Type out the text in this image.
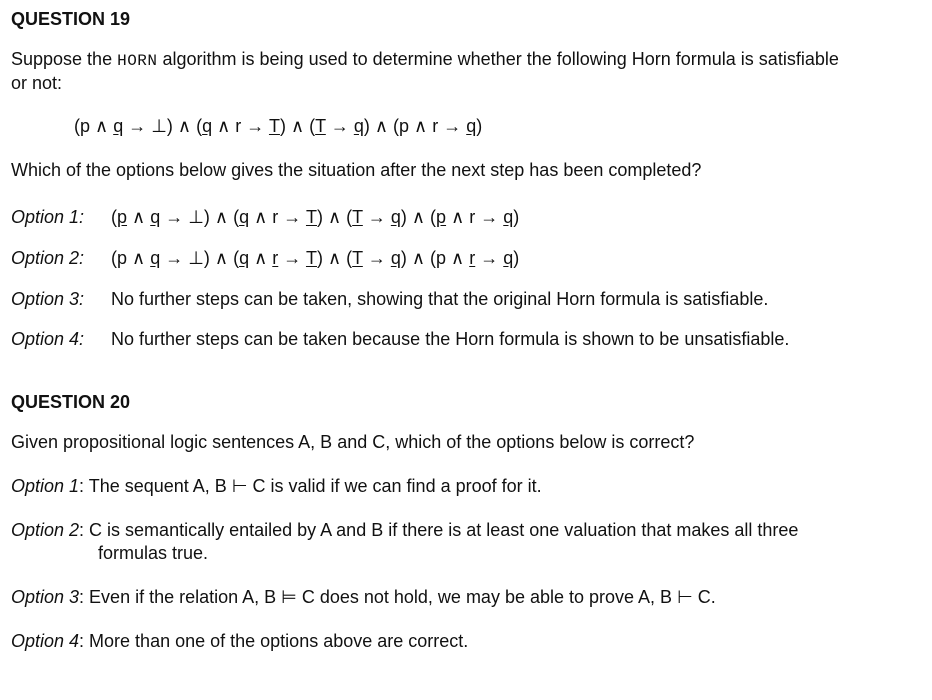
QUESTION 19
Suppose the HORN algorithm is being used to determine whether the following Horn formula is satisfiable
or not:
(p ∧ q → ⊥) ∧ (q ∧ r → T) ∧ (T → q) ∧ (p ∧ r → q)
Which of the options below gives the situation after the next step has been completed?
Option 1: (p ∧ q → ⊥) ∧ (q ∧ r → T) ∧ (T → q) ∧ (p ∧ r → q)
Option 2: (p ∧ q → ⊥) ∧ (q ∧ r → T) ∧ (T → q) ∧ (p ∧ r → q)
Option 3: No further steps can be taken, showing that the original Horn formula is satisfiable.
Option 4: No further steps can be taken because the Horn formula is shown to be unsatisfiable.
QUESTION 20
Given propositional logic sentences A, B and C, which of the options below is correct?
Option 1: The sequent A, B ⊢ C is valid if we can find a proof for it.
Option 2: C is semantically entailed by A and B if there is at least one valuation that makes all three
formulas true.
Option 3: Even if the relation A, B ⊨ C does not hold, we may be able to prove A, B ⊢ C.
Option 4: More than one of the options above are correct.
